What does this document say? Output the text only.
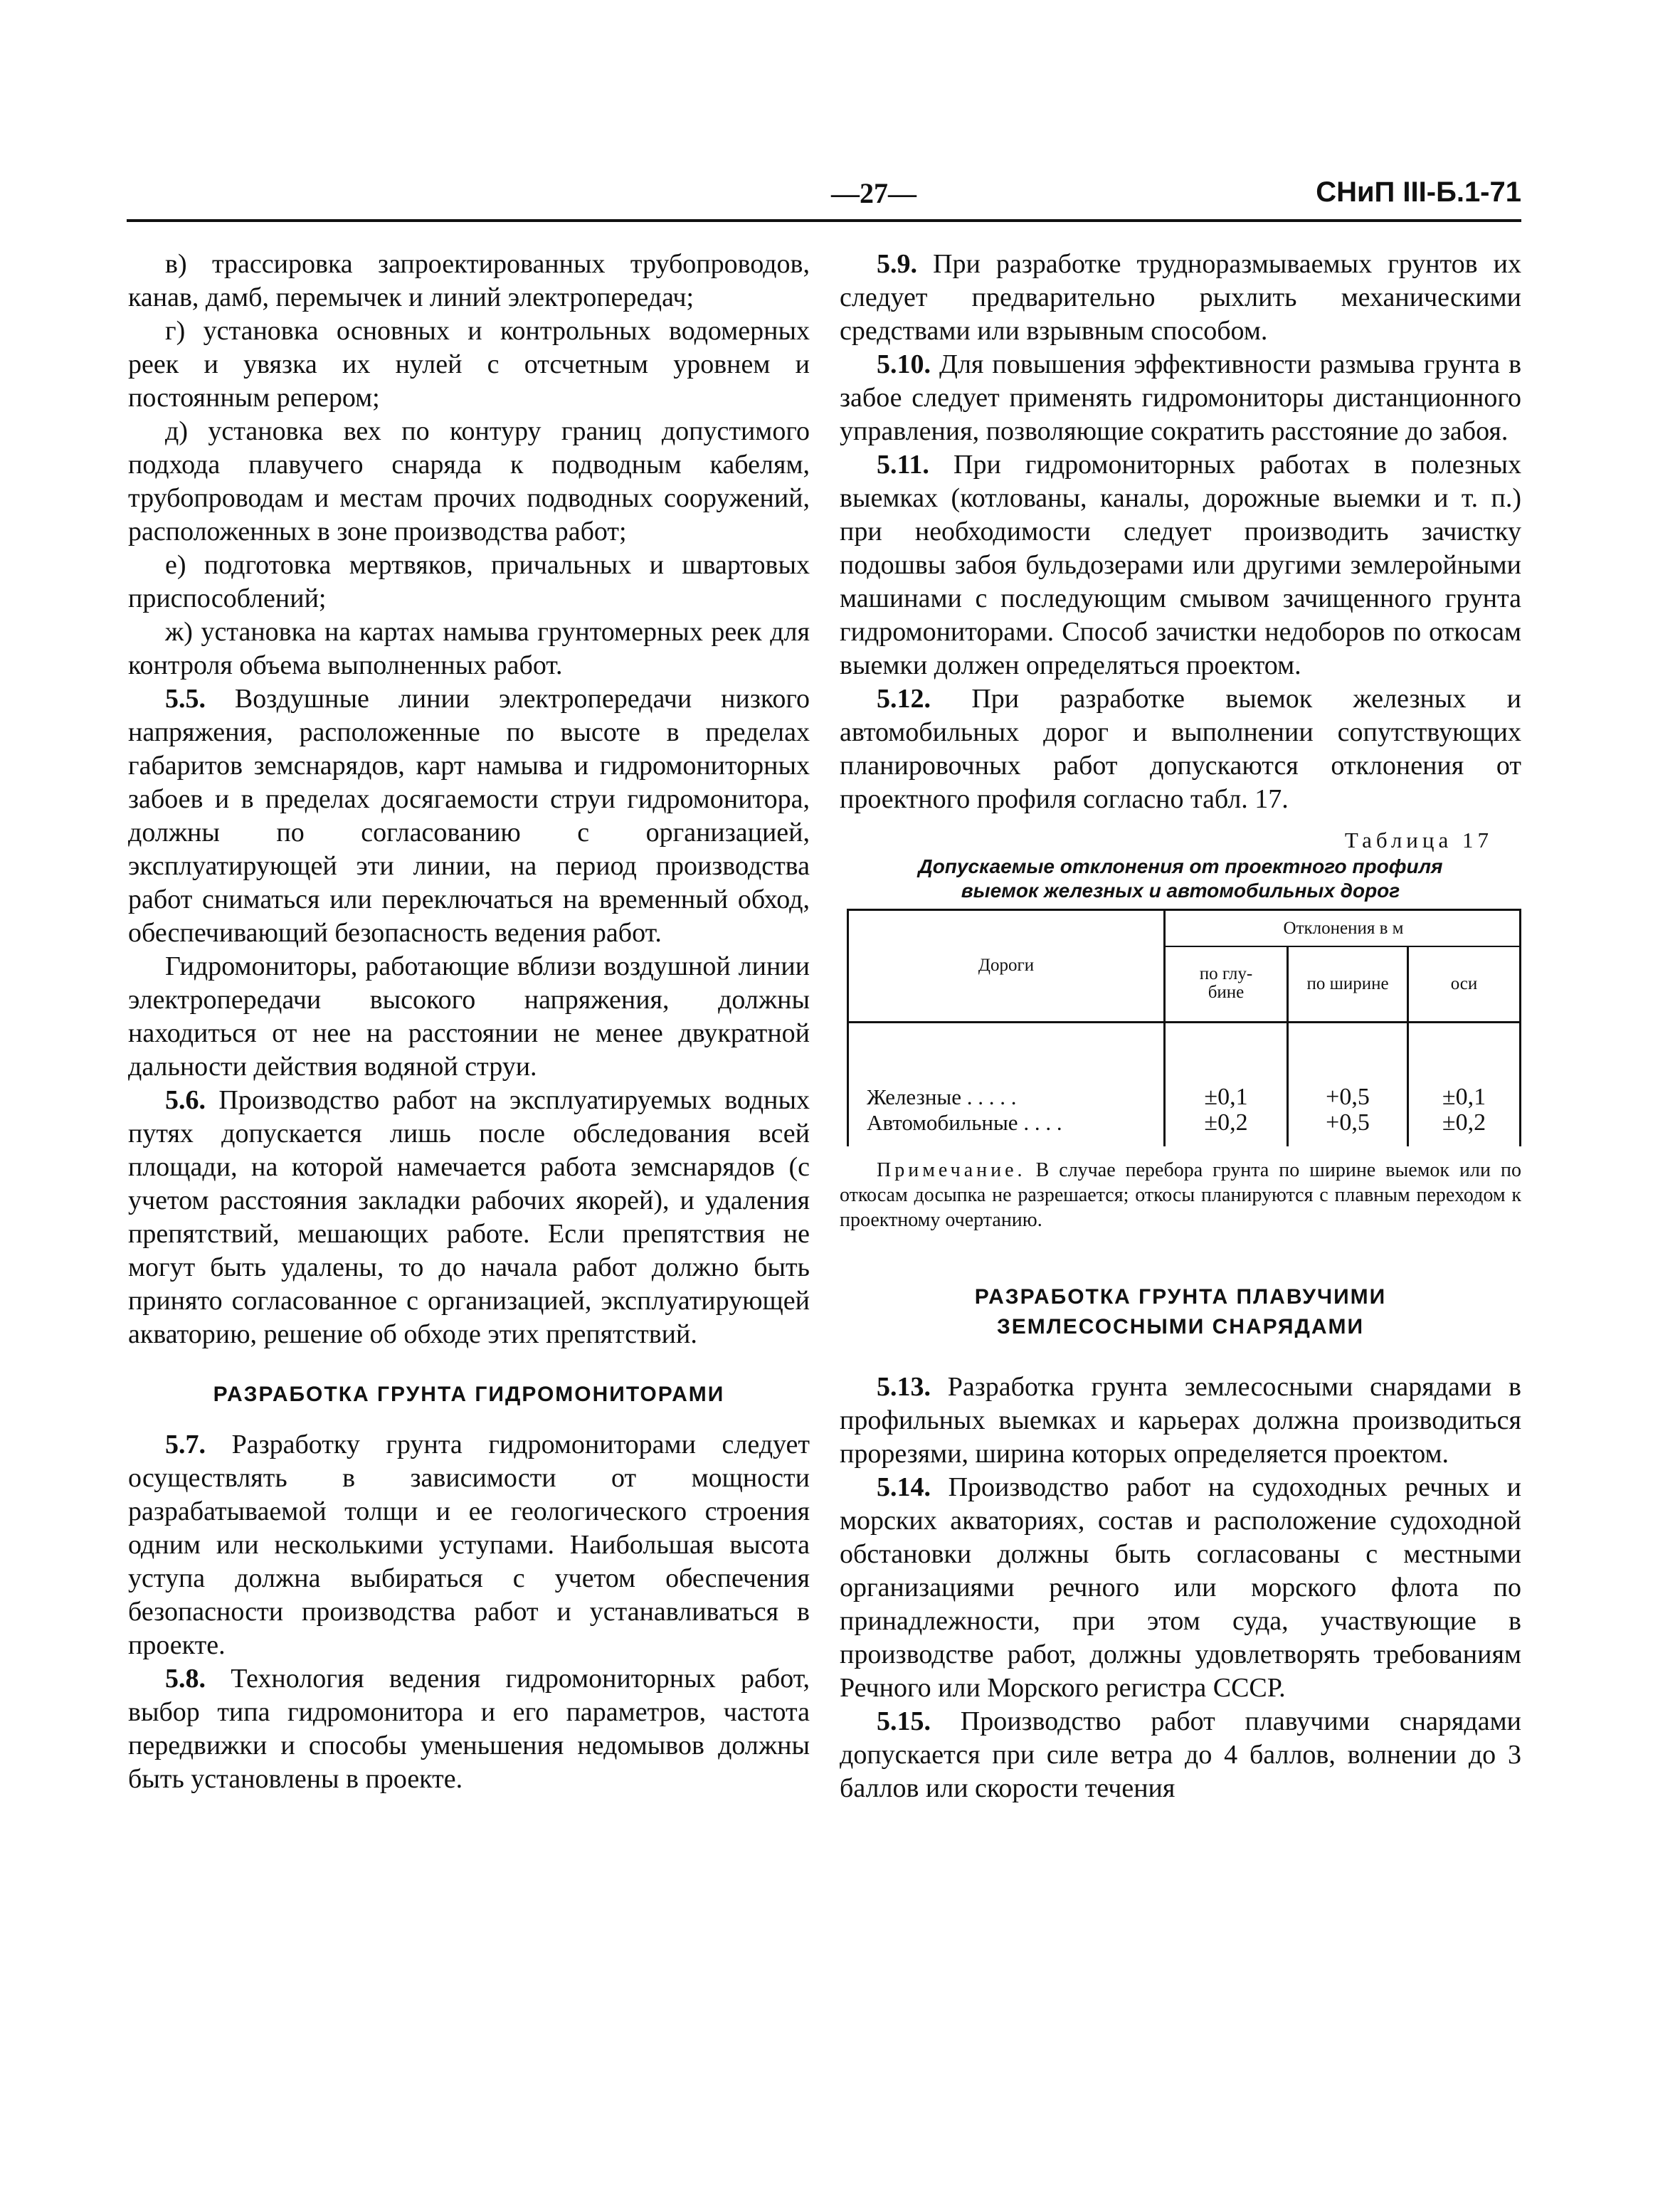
—27—	СНиП III-Б.1-71

в) трассировка запроектированных трубопроводов, канав, дамб, перемычек и линий электропередач;

г) установка основных и контрольных водомерных реек и увязка их нулей с отсчетным уровнем и постоянным репером;

д) установка вех по контуру границ допустимого подхода плавучего снаряда к подводным кабелям, трубопроводам и местам прочих подводных сооружений, расположенных в зоне производства работ;

е) подготовка мертвяков, причальных и швартовых приспособлений;

ж) установка на картах намыва грунтомерных реек для контроля объема выполненных работ.

5.5. Воздушные линии электропередачи низкого напряжения, расположенные по высоте в пределах габаритов земснарядов, карт намыва и гидромониторных забоев и в пределах досягаемости струи гидромонитора, должны по согласованию с организацией, эксплуатирующей эти линии, на период производства работ сниматься или переключаться на временный обход, обеспечивающий безопасность ведения работ.

Гидромониторы, работающие вблизи воздушной линии электропередачи высокого напряжения, должны находиться от нее на расстоянии не менее двукратной дальности действия водяной струи.

5.6. Производство работ на эксплуатируемых водных путях допускается лишь после обследования всей площади, на которой намечается работа земснарядов (с учетом расстояния закладки рабочих якорей), и удаления препятствий, мешающих работе. Если препятствия не могут быть удалены, то до начала работ должно быть принято согласованное с организацией, эксплуатирующей акваторию, решение об обходе этих препятствий.

РАЗРАБОТКА ГРУНТА ГИДРОМОНИТОРАМИ

5.7. Разработку грунта гидромониторами следует осуществлять в зависимости от мощности разрабатываемой толщи и ее геологического строения одним или несколькими уступами. Наибольшая высота уступа должна выбираться с учетом обеспечения безопасности производства работ и устанавливаться в проекте.

5.8. Технология ведения гидромониторных работ, выбор типа гидромонитора и его параметров, частота передвижки и способы уменьшения недомывов должны быть установлены в проекте.

5.9. При разработке трудноразмываемых грунтов их следует предварительно рыхлить механическими средствами или взрывным способом.

5.10. Для повышения эффективности размыва грунта в забое следует применять гидромониторы дистанционного управления, позволяющие сократить расстояние до забоя.

5.11. При гидромониторных работах в полезных выемках (котлованы, каналы, дорожные выемки и т. п.) при необходимости следует производить зачистку подошвы забоя бульдозерами или другими землеройными машинами с последующим смывом зачищенного грунта гидромониторами. Способ зачистки недоборов по откосам выемки должен определяться проектом.

5.12. При разработке выемок железных и автомобильных дорог и выполнении сопутствующих планировочных работ допускаются отклонения от проектного профиля согласно табл. 17.

Таблица 17
Допускаемые отклонения от проектного профиля
выемок железных и автомобильных дорог
Дороги
Отклонения в м
по глу-
бине	по ширине	оси
Железные . . . . .	±0,1	+0,5	±0,1
Автомобильные . . . .	±0,2	+0,5	±0,2

Примечание. В случае перебора грунта по ширине выемок или по откосам досыпка не разрешается; откосы планируются с плавным переходом к проектному очертанию.

РАЗРАБОТКА ГРУНТА ПЛАВУЧИМИ
ЗЕМЛЕСОСНЫМИ СНАРЯДАМИ

5.13. Разработка грунта землесосными снарядами в профильных выемках и карьерах должна производиться прорезями, ширина которых определяется проектом.

5.14. Производство работ на судоходных речных и морских акваториях, состав и расположение судоходной обстановки должны быть согласованы с местными организациями речного или морского флота по принадлежности, при этом суда, участвующие в производстве работ, должны удовлетворять требованиям Речного или Морского регистра СССР.

5.15. Производство работ плавучими снарядами допускается при силе ветра до 4 баллов, волнении до 3 баллов или скорости течения
